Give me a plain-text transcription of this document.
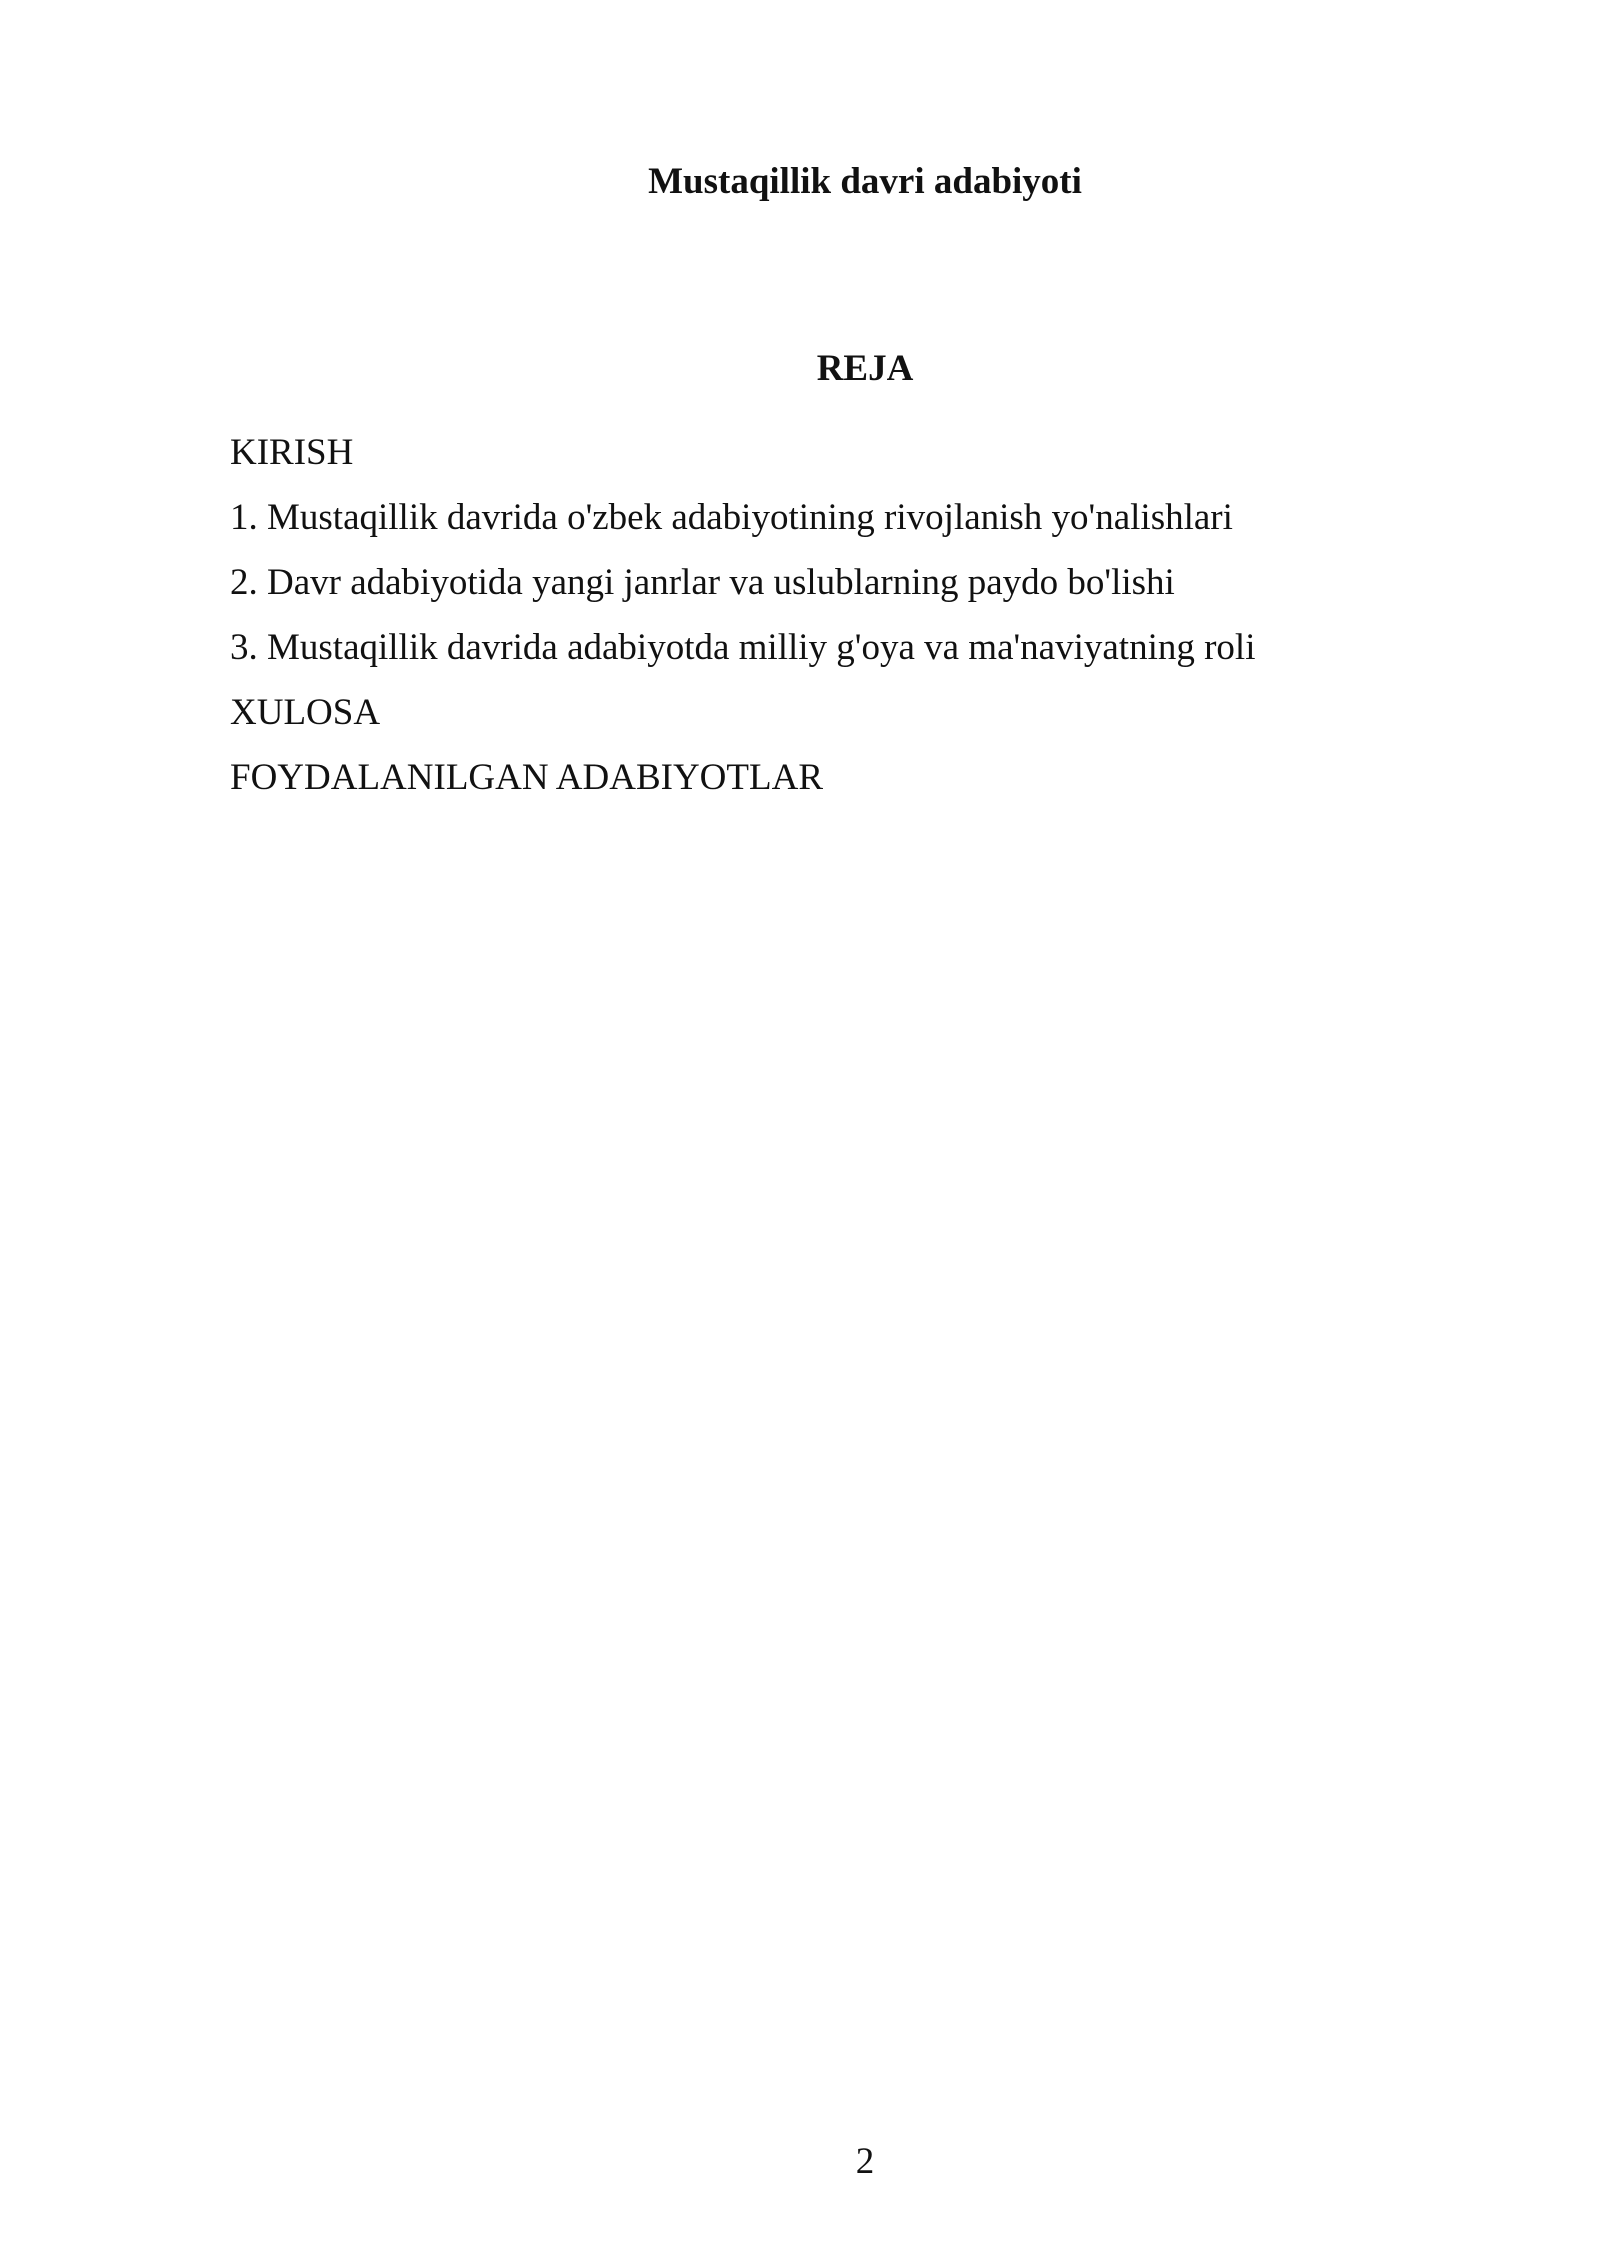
Mustaqillik davri adabiyoti
REJA
KIRISH
1. Mustaqillik davrida o'zbek adabiyotining rivojlanish yo'nalishlari
2. Davr adabiyotida yangi janrlar va uslublarning paydo bo'lishi
3. Mustaqillik davrida adabiyotda milliy g'oya va ma'naviyatning roli
XULOSA
FOYDALANILGAN ADABIYOTLAR
2
